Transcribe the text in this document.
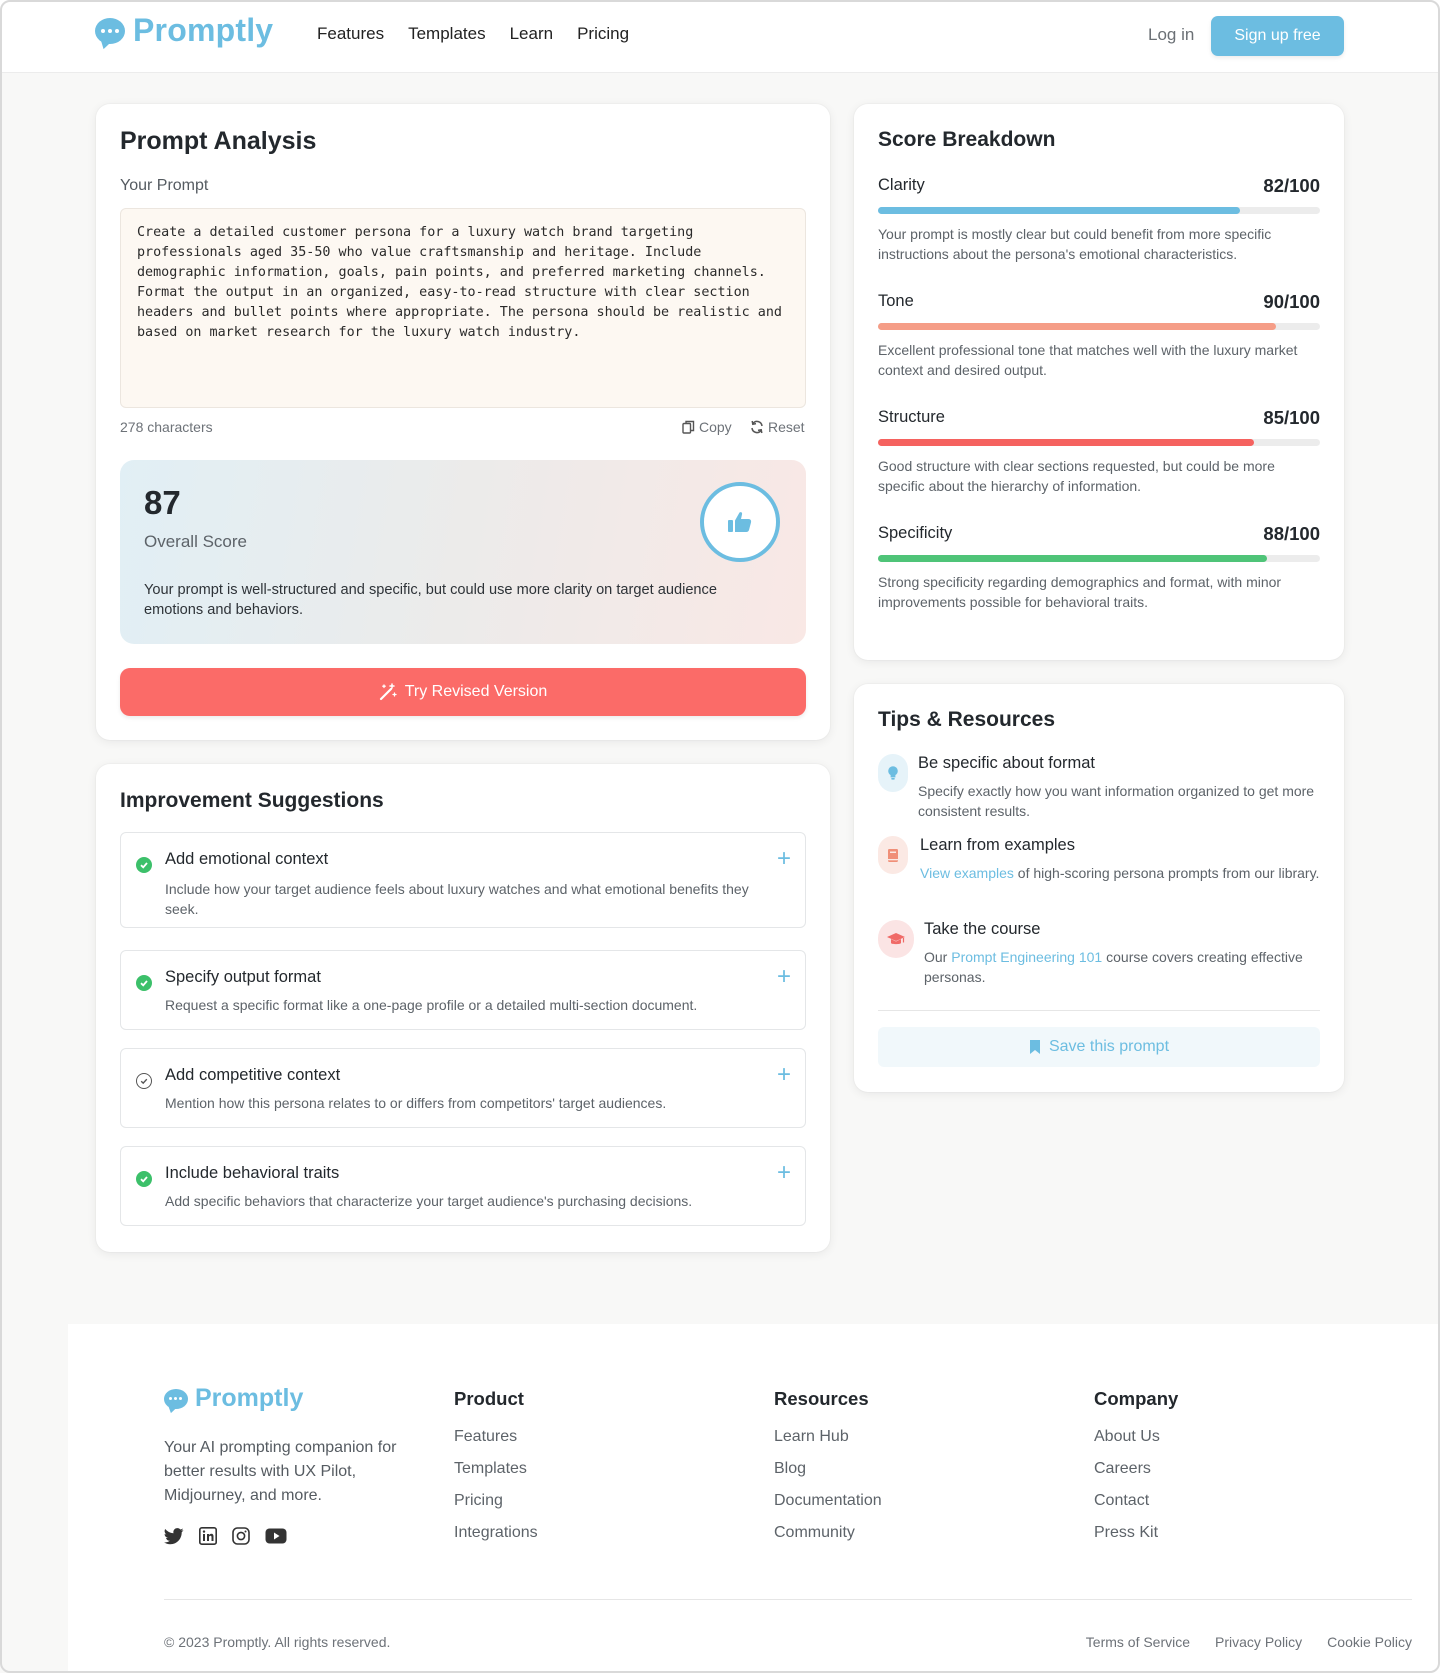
Promptly	Features Templates Learn Pricing	Log in	Sign up free
Prompt Analysis
Your Prompt
Create a detailed customer persona for a luxury watch brand targeting professionals aged 35-50 who value craftsmanship and heritage. Include demographic information, goals, pain points, and preferred marketing channels. Format the output in an organized, easy-to-read structure with clear section headers and bullet points where appropriate. The persona should be realistic and based on market research for the luxury watch industry.
278 characters	Copy	Reset
87
Overall Score
Your prompt is well-structured and specific, but could use more clarity on target audience emotions and behaviors.
Try Revised Version
Improvement Suggestions
Add emotional context
Include how your target audience feels about luxury watches and what emotional benefits they seek.
+
Specify output format
Request a specific format like a one-page profile or a detailed multi-section document.
+
Add competitive context
Mention how this persona relates to or differs from competitors' target audiences.
+
Include behavioral traits
Add specific behaviors that characterize your target audience's purchasing decisions.
+
Score Breakdown
Clarity	82/100
Your prompt is mostly clear but could benefit from more specific instructions about the persona's emotional characteristics.
Tone	90/100
Excellent professional tone that matches well with the luxury market context and desired output.
Structure	85/100
Good structure with clear sections requested, but could be more specific about the hierarchy of information.
Specificity	88/100
Strong specificity regarding demographics and format, with minor improvements possible for behavioral traits.
Tips & Resources
Be specific about format
Specify exactly how you want information organized to get more consistent results.
Learn from examples
View examples of high-scoring persona prompts from our library.
Take the course
Our Prompt Engineering 101 course covers creating effective personas.
Save this prompt
Promptly
Your AI prompting companion for better results with UX Pilot, Midjourney, and more.
Product
Features
Templates
Pricing
Integrations
Resources
Learn Hub
Blog
Documentation
Community
Company
About Us
Careers
Contact
Press Kit
© 2023 Promptly. All rights reserved.	Terms of Service Privacy Policy Cookie Policy
